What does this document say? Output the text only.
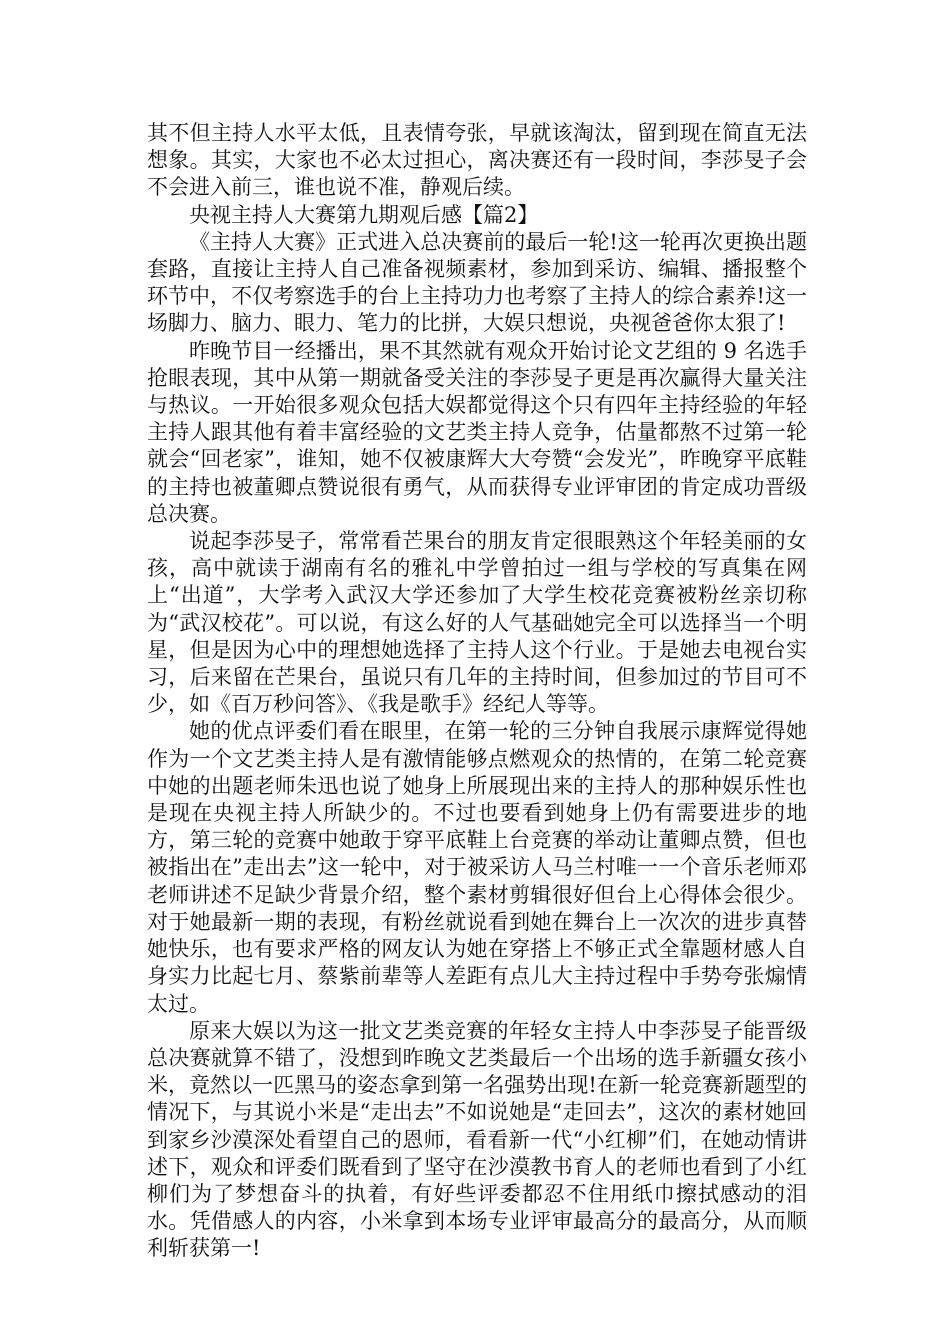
其不但主持人水平太低，且表情夸张，早就该淘汰，留到现在简直无法想象。其实，大家也不必太过担心，离决赛还有一段时间，李莎旻子会不会进入前三，谁也说不准，静观后续。

央视主持人大赛第九期观后感【篇2】

《主持人大赛》正式进入总决赛前的最后一轮!这一轮再次更换出题套路，直接让主持人自己准备视频素材，参加到采访、编辑、播报整个环节中，不仅考察选手的台上主持功力也考察了主持人的综合素养!这一场脚力、脑力、眼力、笔力的比拼，大娱只想说，央视爸爸你太狠了!

昨晚节目一经播出，果不其然就有观众开始讨论文艺组的 9 名选手抢眼表现，其中从第一期就备受关注的李莎旻子更是再次赢得大量关注与热议。一开始很多观众包括大娱都觉得这个只有四年主持经验的年轻主持人跟其他有着丰富经验的文艺类主持人竞争，估量都熬不过第一轮就会“回老家”，谁知，她不仅被康辉大大夸赞“会发光”，昨晚穿平底鞋的主持也被董卿点赞说很有勇气，从而获得专业评审团的肯定成功晋级总决赛。

说起李莎旻子，常常看芒果台的朋友肯定很眼熟这个年轻美丽的女孩，高中就读于湖南有名的雅礼中学曾拍过一组与学校的写真集在网上“出道”，大学考入武汉大学还参加了大学生校花竞赛被粉丝亲切称为“武汉校花”。可以说，有这么好的人气基础她完全可以选择当一个明星，但是因为心中的理想她选择了主持人这个行业。于是她去电视台实习，后来留在芒果台，虽说只有几年的主持时间，但参加过的节目可不少，如《百万秒问答》、《我是歌手》经纪人等等。

她的优点评委们看在眼里，在第一轮的三分钟自我展示康辉觉得她作为一个文艺类主持人是有激情能够点燃观众的热情的，在第二轮竞赛中她的出题老师朱迅也说了她身上所展现出来的主持人的那种娱乐性也是现在央视主持人所缺少的。不过也要看到她身上仍有需要进步的地方，第三轮的竞赛中她敢于穿平底鞋上台竞赛的举动让董卿点赞，但也被指出在”走出去”这一轮中，对于被采访人马兰村唯一一个音乐老师邓老师讲述不足缺少背景介绍，整个素材剪辑很好但台上心得体会很少。对于她最新一期的表现，有粉丝就说看到她在舞台上一次次的进步真替她快乐，也有要求严格的网友认为她在穿搭上不够正式全靠题材感人自身实力比起七月、蔡紫前辈等人差距有点儿大主持过程中手势夸张煽情太过。

原来大娱以为这一批文艺类竞赛的年轻女主持人中李莎旻子能晋级总决赛就算不错了，没想到昨晚文艺类最后一个出场的选手新疆女孩小米，竟然以一匹黑马的姿态拿到第一名强势出现!在新一轮竞赛新题型的情况下，与其说小米是“走出去”不如说她是“走回去”，这次的素材她回到家乡沙漠深处看望自己的恩师，看看新一代“小红柳”们，在她动情讲述下，观众和评委们既看到了坚守在沙漠教书育人的老师也看到了小红柳们为了梦想奋斗的执着，有好些评委都忍不住用纸巾擦拭感动的泪水。凭借感人的内容，小米拿到本场专业评审最高分的最高分，从而顺利斩获第一!
